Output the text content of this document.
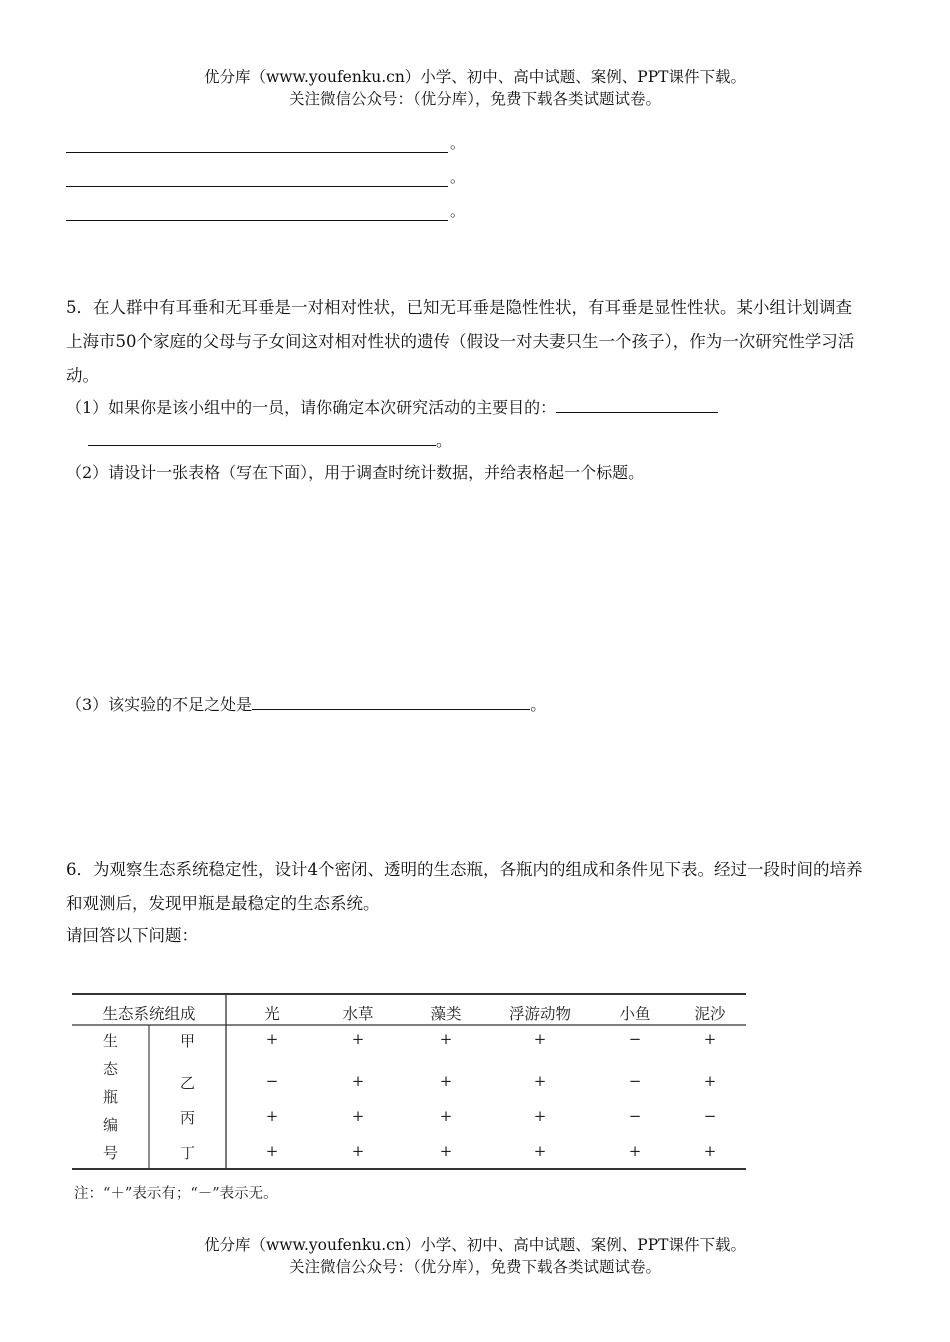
优分库（www.youfenku.cn）小学、初中、高中试题、案例、PPT课件下载。
关注微信公众号：（优分库），免费下载各类试题试卷。
。
。
。
5．在人群中有耳垂和无耳垂是一对相对性状，已知无耳垂是隐性性状，有耳垂是显性性状。某小组计划调查上海市50个家庭的父母与子女间这对相对性状的遗传（假设一对夫妻只生一个孩子），作为一次研究性学习活动。
（1）如果你是该小组中的一员，请你确定本次研究活动的主要目的：
。
（2）请设计一张表格（写在下面），用于调查时统计数据，并给表格起一个标题。
（3）该实验的不足之处是	。
6．为观察生态系统稳定性，设计4个密闭、透明的生态瓶，各瓶内的组成和条件见下表。经过一段时间的培养和观测后，发现甲瓶是最稳定的生态系统。
请回答以下问题：
生态系统组成	光	水草	藻类	浮游动物	小鱼	泥沙
生
态
瓶
编
号
甲	+	+	+	+	−	+
乙	−	+	+	+	−	+
丙	+	+	+	+	−	−
丁	+	+	+	+	+	+
注：“＋”表示有；“－”表示无。
优分库（www.youfenku.cn）小学、初中、高中试题、案例、PPT课件下载。
关注微信公众号：（优分库），免费下载各类试题试卷。
